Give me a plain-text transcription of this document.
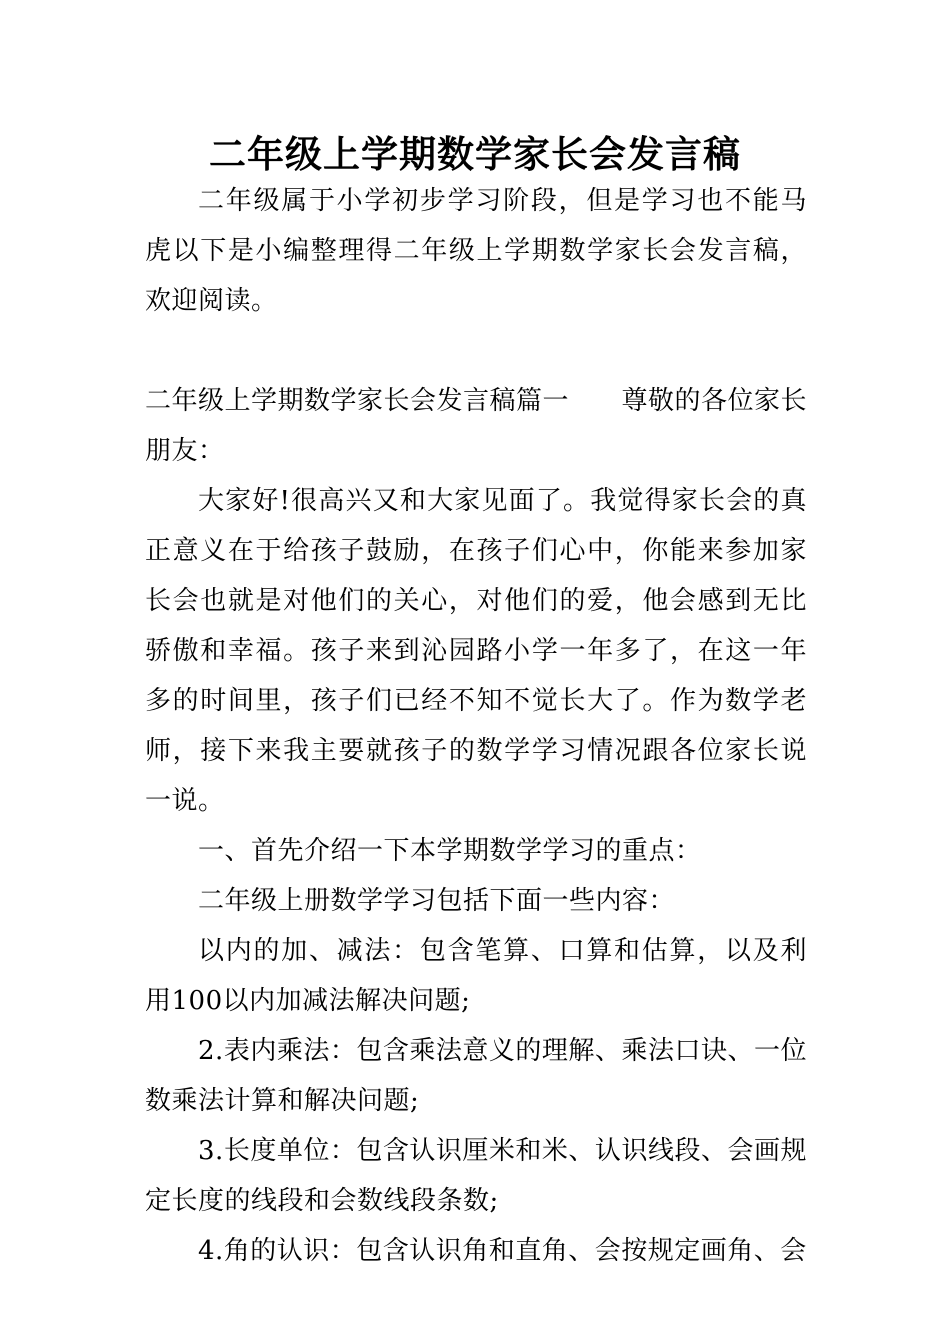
二年级上学期数学家长会发言稿

二年级属于小学初步学习阶段，但是学习也不能马虎以下是小编整理得二年级上学期数学家长会发言稿，欢迎阅读。

二年级上学期数学家长会发言稿篇一 尊敬的各位家长

朋友：

大家好!很高兴又和大家见面了。我觉得家长会的真正意义在于给孩子鼓励，在孩子们心中，你能来参加家长会也就是对他们的关心，对他们的爱，他会感到无比骄傲和幸福。孩子来到沁园路小学一年多了，在这一年多的时间里，孩子们已经不知不觉长大了。作为数学老师，接下来我主要就孩子的数学学习情况跟各位家长说一说。

一、首先介绍一下本学期数学学习的重点：

二年级上册数学学习包括下面一些内容：

以内的加、减法：包含笔算、口算和估算，以及利用100以内加减法解决问题;

2.表内乘法：包含乘法意义的理解、乘法口诀、一位数乘法计算和解决问题;

3.长度单位：包含认识厘米和米、认识线段、会画规定长度的线段和会数线段条数;

4.角的认识：包含认识角和直角、会按规定画角、会
